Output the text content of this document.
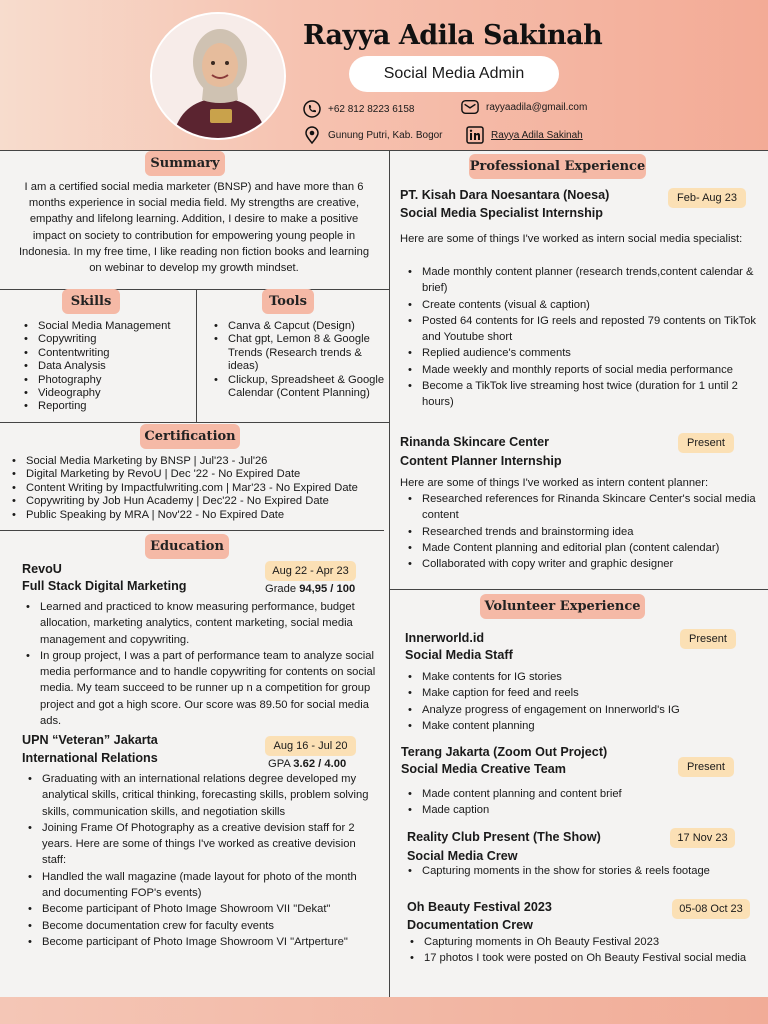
Rayya Adila Sakinah
Social Media Admin
+62 812 8223 6158	rayyaadila@gmail.com
Gunung Putri, Kab. Bogor	Rayya Adila Sakinah
Summary
I am a certified social media marketer (BNSP) and have more than 6 months experience in social media field. My strengths are creative, empathy and lifelong learning. Addition, I desire to make a positive impact on society to contribution for empowering young people in Indonesia. In my free time, I like reading non fiction books and learning on webinar to develop my growth mindset.
Skills
• Social Media Management
• Copywriting
• Contentwriting
• Data Analysis
• Photography
• Videography
• Reporting
Tools
• Canva & Capcut (Design)
• Chat gpt, Lemon 8 & Google Trends (Research trends & ideas)
• Clickup, Spreadsheet & Google Calendar (Content Planning)
Certification
• Social Media Marketing by BNSP | Jul'23 - Jul'26
• Digital Marketing by RevoU | Dec '22 - No Expired Date
• Content Writing by Impactfulwriting.com | Mar'23 - No Expired Date
• Copywriting by Job Hun Academy | Dec'22 - No Expired Date
• Public Speaking by MRA | Nov'22 - No Expired Date
Education
RevoU
Full Stack Digital Marketing
Aug 22 - Apr 23
Grade 94,95 / 100
• Learned and practiced to know measuring performance, budget allocation, marketing analytics, content marketing, social media management and copywriting.
• In group project, I was a part of performance team to analyze social media performance and to handle copywriting for contents on social media. My team succeed to be runner up n a competition for group project and got a high score. Our score was 89.50 for social media ads.
UPN “Veteran” Jakarta
International Relations
Aug 16 - Jul 20
GPA 3.62 / 4.00
• Graduating with an international relations degree developed my analytical skills, critical thinking, forecasting skills, problem solving skills, communication skills, and negotiation skills
• Joining Frame Of Photography as a creative devision staff for 2 years. Here are some of things I've worked as creative devision staff:
• Handled the wall magazine (made layout for photo of the month and documenting FOP's events)
• Become participant of Photo Image Showroom VII "Dekat"
• Become documentation crew for faculty events
• Become participant of Photo Image Showroom VI "Artperture"
Professional Experience
PT. Kisah Dara Noesantara (Noesa)
Social Media Specialist Internship
Feb- Aug 23
Here are some of things I've worked as intern social media specialist:
• Made monthly content planner (research trends,content calendar & brief)
• Create contents (visual & caption)
• Posted 64 contents for IG reels and reposted 79 contents on TikTok and Youtube short
• Replied audience's comments
• Made weekly and monthly reports of social media performance
• Become a TikTok live streaming host twice (duration for 1 until 2 hours)
Rinanda Skincare Center
Content Planner Internship
Present
Here are some of things I've worked as intern content planner:
• Researched references for Rinanda Skincare Center's social media content
• Researched trends and brainstorming idea
• Made Content planning and editorial plan (content calendar)
• Collaborated with copy writer and graphic designer
Volunteer Experience
Innerworld.id
Social Media Staff
Present
• Make contents for IG stories
• Make caption for feed and reels
• Analyze progress of engagement on Innerworld's IG
• Make content planning
Terang Jakarta (Zoom Out Project)
Social Media Creative Team	Present
• Made content planning and content brief
• Made caption
Reality Club Present (The Show)
Social Media Crew
17 Nov 23
• Capturing moments in the show for stories & reels footage
Oh Beauty Festival 2023
Documentation Crew
05-08 Oct 23
• Capturing moments in Oh Beauty Festival 2023
• 17 photos I took were posted on Oh Beauty Festival social media
